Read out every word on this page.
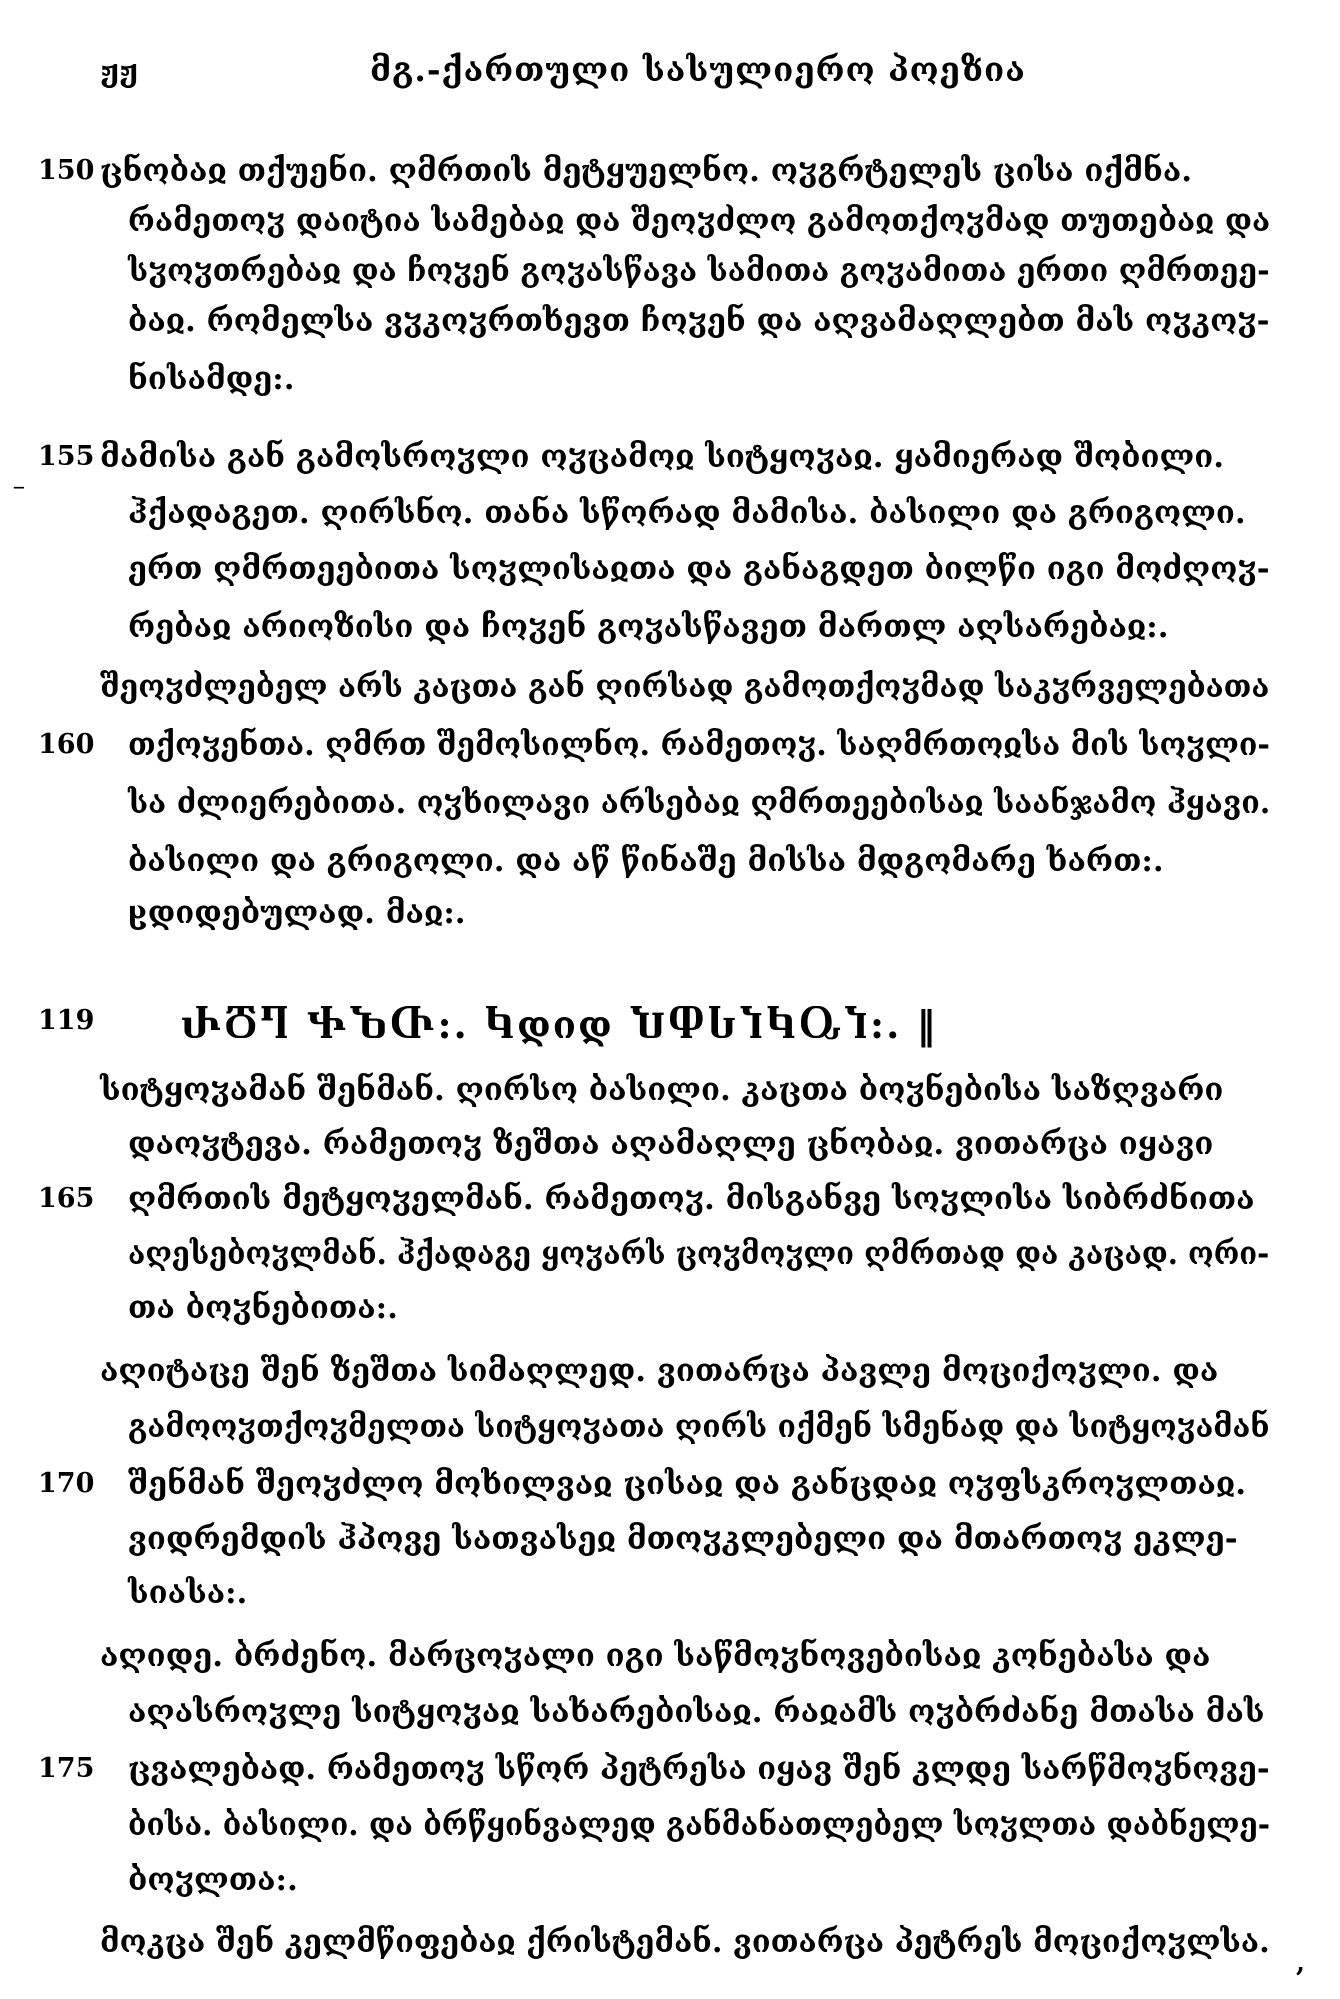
ჟჟ	მგ.-ქართული სასულიერო პოეზია
150
155
160
119
165
170
175
⁻
ცნობაჲ თქუენი. ღმრთის მეტყუელნო. ოჳგრტელეს ცისა იქმნა.
რამეთოჳ დაიტია სამებაჲ და შეოჳძლო გამოთქოჳმად თუთებაჲ და
სჳოჳთრებაჲ და ჩოჳენ გოჳასწავა სამითა გოჳამითა ერთი ღმრთეე-
ბაჲ. რომელსა ვჳკოჳრთხევთ ჩოჳენ და აღვამაღლებთ მას ოჳკოჳ-
ნისამდე:.
მამისა გან გამოსროჳლი ოჳცამოჲ სიტყოჳაჲ. ყამიერად შობილი.
ჰქადაგეთ. ღირსნო. თანა სწორად მამისა. ბასილი და გრიგოლი.
ერთ ღმრთეებითა სოჳლისაჲთა და განაგდეთ ბილწი იგი მოძღოჳ-
რებაჲ არიოზისი და ჩოჳენ გოჳასწავეთ მართლ აღსარებაჲ:.
შეოჳძლებელ არს კაცთა გან ღირსად გამოთქოჳმად საკჳრველებათა
თქოჳენთა. ღმრთ შემოსილნო. რამეთოჳ. საღმრთოჲსა მის სოჳლი-
სა ძლიერებითა. ოჳხილავი არსებაჲ ღმრთეებისაჲ საანჯამო ჰყავი.
ბასილი და გრიგოლი. და აწ წინაშე მისსა მდგომარე ხართ:.
ჸდიდებულად. მაჲ:.
ႰႣႤ ႵႦႧ:. Ⴉდიდ ႮႴႱႨႩႭႨ:. ‖
სიტყოჳამან შენმან. ღირსო ბასილი. კაცთა ბოჳნებისა საზღვარი
დაოჳტევა. რამეთოჳ ზეშთა აღამაღლე ცნობაჲ. ვითარცა იყავი
ღმრთის მეტყოჳელმან. რამეთოჳ. მისგანვე სოჳლისა სიბრძნითა
აღესებოჳლმან. ჰქადაგე ყოჳარს ცოჳმოჳლი ღმრთად და კაცად. ორი-
თა ბოჳნებითა:.
აღიტაცე შენ ზეშთა სიმაღლედ. ვითარცა პავლე მოციქოჳლი. და
გამოოჳთქოჳმელთა სიტყოჳათა ღირს იქმენ სმენად და სიტყოჳამან
შენმან შეოჳძლო მოხილვაჲ ცისაჲ და განცდაჲ ოჳფსკროჳლთაჲ.
ვიდრემდის ჰპოვე სათვასეჲ მთოჳკლებელი და მთართოჳ ეკლე-
სიასა:.
აღიდე. ბრძენო. მარცოჳალი იგი საწმოჳნოვებისაჲ კონებასა და
აღასროჳლე სიტყოჳაჲ სახარებისაჲ. რაჲამს ოჳბრძანე მთასა მას
ცვალებად. რამეთოჳ სწორ პეტრესა იყავ შენ კლდე სარწმოჳნოვე-
ბისა. ბასილი. და ბრწყინვალედ განმანათლებელ სოჳლთა დაბნელე-
ბოჳლთა:.
მოკცა შენ კელმწიფებაჲ ქრისტემან. ვითარცა პეტრეს მოციქოჳლსა.
,
